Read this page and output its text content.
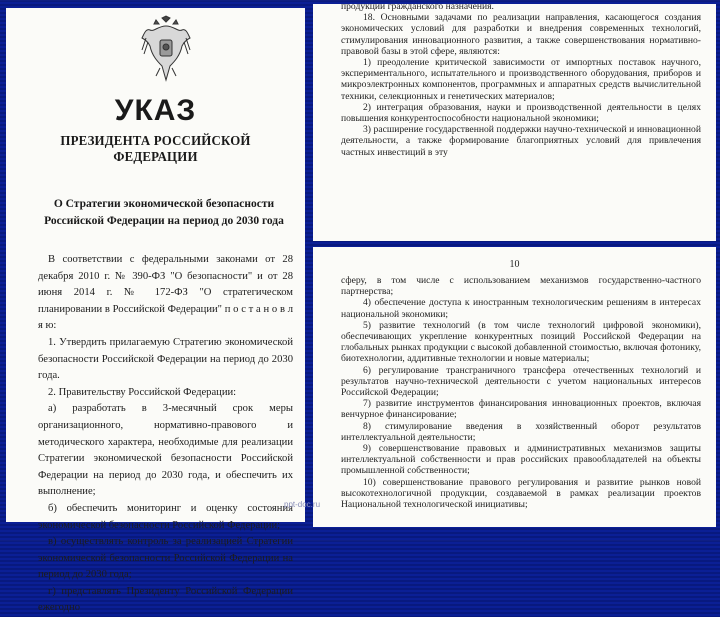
УКАЗ
ПРЕЗИДЕНТА РОССИЙСКОЙ ФЕДЕРАЦИИ
О Стратегии экономической безопасности
Российской Федерации на период до 2030 года

В соответствии с федеральными законами от 28 декабря 2010 г. № 390-ФЗ "О безопасности" и от 28 июня 2014 г. № 172-ФЗ "О стратегическом планировании в Российской Федерации" п о с т а н о в л я ю:

1. Утвердить прилагаемую Стратегию экономической безопасности Российской Федерации на период до 2030 года.

2. Правительству Российской Федерации:

а) разработать в 3-месячный срок меры организационного, нормативно-правового и методического характера, необходимые для реализации Стратегии экономической безопасности Российской Федерации на период до 2030 года, и обеспечить их выполнение;

б) обеспечить мониторинг и оценку состояния экономической безопасности Российской Федерации;

в) осуществлять контроль за реализацией Стратегии экономической безопасности Российской Федерации на период до 2030 года;

г) представлять Президенту Российской Федерации ежегодно

продукции гражданского назначения.

18. Основными задачами по реализации направления, касающегося создания экономических условий для разработки и внедрения современных технологий, стимулирования инновационного развития, а также совершенствования нормативно-правовой базы в этой сфере, являются:

1) преодоление критической зависимости от импортных поставок научного, экспериментального, испытательного и производственного оборудования, приборов и микроэлектронных компонентов, программных и аппаратных средств вычислительной техники, селекционных и генетических материалов;

2) интеграция образования, науки и производственной деятельности в целях повышения конкурентоспособности национальной экономики;

3) расширение государственной поддержки научно-технической и инновационной деятельности, а также формирование благоприятных условий для привлечения частных инвестиций в эту

10

сферу, в том числе с использованием механизмов государственно-частного партнерства;

4) обеспечение доступа к иностранным технологическим решениям в интересах национальной экономики;

5) развитие технологий (в том числе технологий цифровой экономики), обеспечивающих укрепление конкурентных позиций Российской Федерации на глобальных рынках продукции с высокой добавленной стоимостью, включая фотонику, биотехнологии, аддитивные технологии и новые материалы;

6) регулирование трансграничного трансфера отечественных технологий и результатов научно-технической деятельности с учетом национальных интересов Российской Федерации;

7) развитие инструментов финансирования инновационных проектов, включая венчурное финансирование;

8) стимулирование введения в хозяйственный оборот результатов интеллектуальной деятельности;

9) совершенствование правовых и административных механизмов защиты интеллектуальной собственности и прав российских правообладателей на объекты промышленной собственности;

10) совершенствование правового регулирования и развитие рынков новой высокотехнологичной продукции, создаваемой в рамках реализации проектов Национальной технологической инициативы;

ppt-doc.ru
